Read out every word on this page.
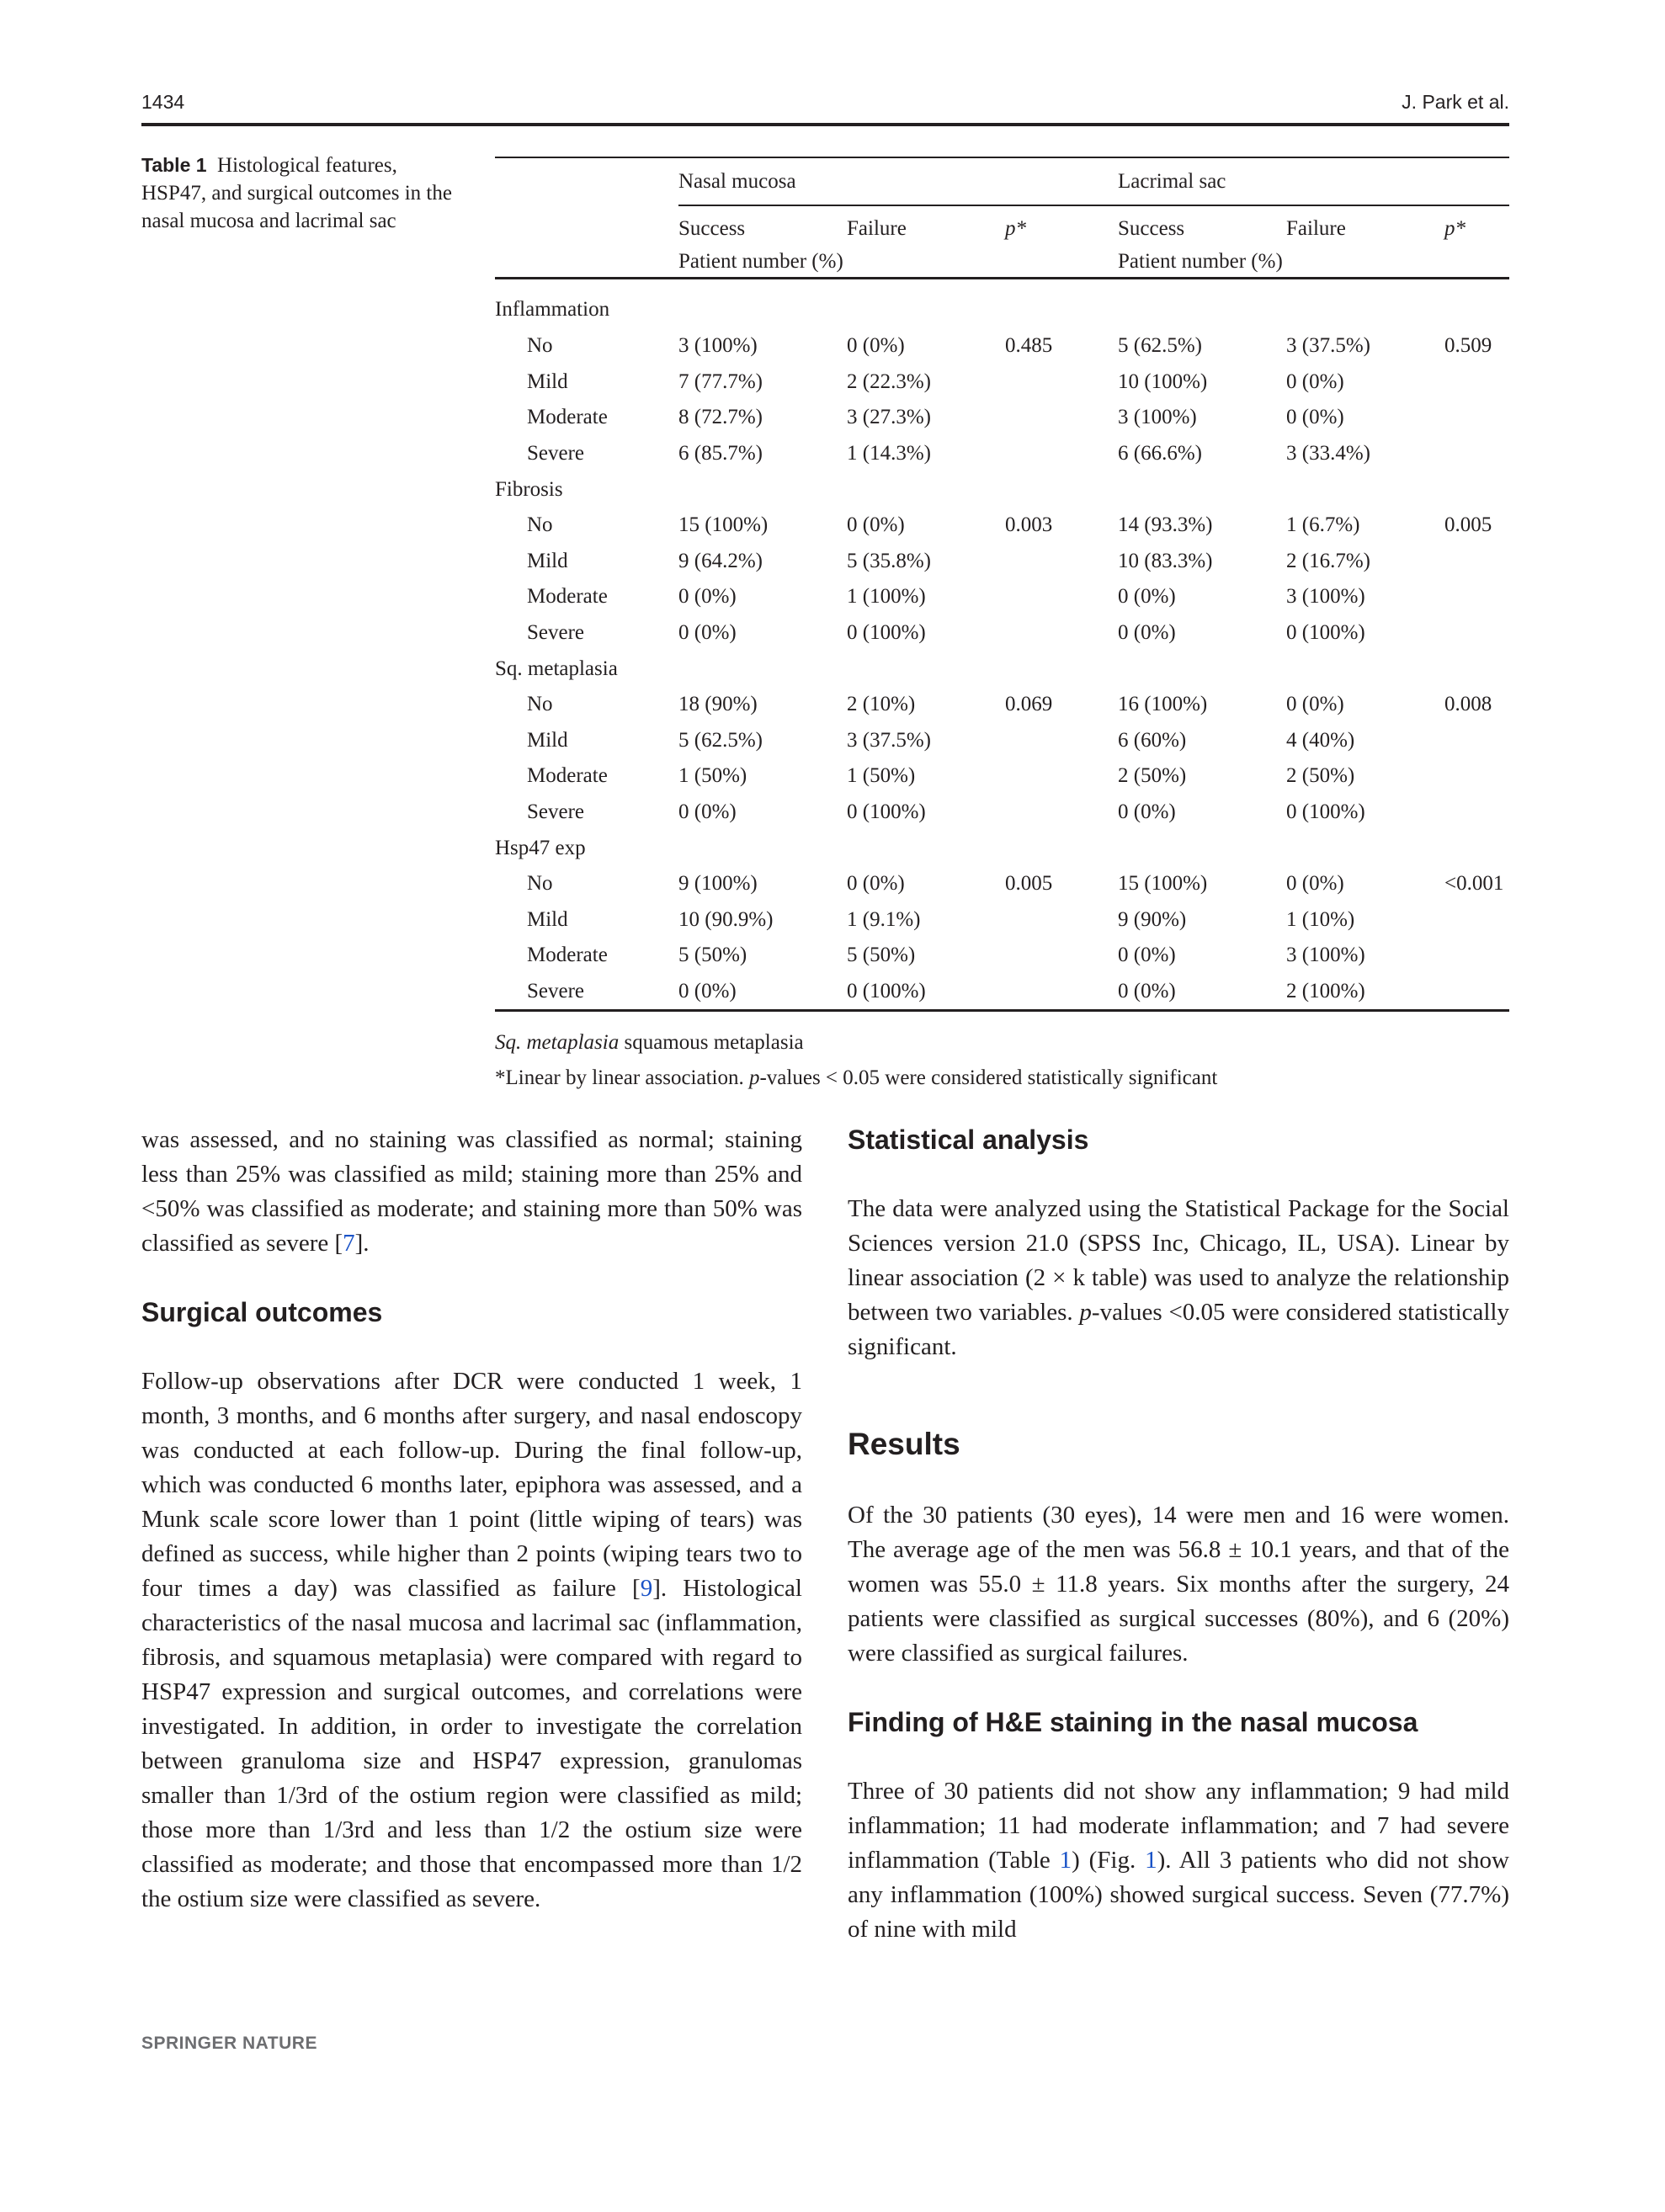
1434	J. Park et al.
Table 1 Histological features, HSP47, and surgical outcomes in the nasal mucosa and lacrimal sac
	Nasal mucosa			Lacrimal sac		
	Success	Failure	p*	Success	Failure	p*
	Patient number (%)			Patient number (%)		
Inflammation						
No	3 (100%)	0 (0%)	0.485	5 (62.5%)	3 (37.5%)	0.509
Mild	7 (77.7%)	2 (22.3%)		10 (100%)	0 (0%)	
Moderate	8 (72.7%)	3 (27.3%)		3 (100%)	0 (0%)	
Severe	6 (85.7%)	1 (14.3%)		6 (66.6%)	3 (33.4%)	
Fibrosis						
No	15 (100%)	0 (0%)	0.003	14 (93.3%)	1 (6.7%)	0.005
Mild	9 (64.2%)	5 (35.8%)		10 (83.3%)	2 (16.7%)	
Moderate	0 (0%)	1 (100%)		0 (0%)	3 (100%)	
Severe	0 (0%)	0 (100%)		0 (0%)	0 (100%)	
Sq. metaplasia						
No	18 (90%)	2 (10%)	0.069	16 (100%)	0 (0%)	0.008
Mild	5 (62.5%)	3 (37.5%)		6 (60%)	4 (40%)	
Moderate	1 (50%)	1 (50%)		2 (50%)	2 (50%)	
Severe	0 (0%)	0 (100%)		0 (0%)	0 (100%)	
Hsp47 exp						
No	9 (100%)	0 (0%)	0.005	15 (100%)	0 (0%)	<0.001
Mild	10 (90.9%)	1 (9.1%)		9 (90%)	1 (10%)	
Moderate	5 (50%)	5 (50%)		0 (0%)	3 (100%)	
Severe	0 (0%)	0 (100%)		0 (0%)	2 (100%)	
Sq. metaplasia squamous metaplasia
*Linear by linear association. p-values < 0.05 were considered statistically significant

was assessed, and no staining was classified as normal; staining less than 25% was classified as mild; staining more than 25% and <50% was classified as moderate; and staining more than 50% was classified as severe [7].

Surgical outcomes

Follow-up observations after DCR were conducted 1 week, 1 month, 3 months, and 6 months after surgery, and nasal endoscopy was conducted at each follow-up. During the final follow-up, which was conducted 6 months later, epiphora was assessed, and a Munk scale score lower than 1 point (little wiping of tears) was defined as success, while higher than 2 points (wiping tears two to four times a day) was classified as failure [9]. Histological characteristics of the nasal mucosa and lacrimal sac (inflammation, fibrosis, and squamous metaplasia) were compared with regard to HSP47 expression and surgical outcomes, and correlations were investigated. In addition, in order to investigate the correlation between granuloma size and HSP47 expression, granulomas smaller than 1/3rd of the ostium region were classified as mild; those more than 1/3rd and less than 1/2 the ostium size were classified as moderate; and those that encompassed more than 1/2 the ostium size were classified as severe.

Statistical analysis

The data were analyzed using the Statistical Package for the Social Sciences version 21.0 (SPSS Inc, Chicago, IL, USA). Linear by linear association (2 × k table) was used to analyze the relationship between two variables. p-values <0.05 were considered statistically significant.

Results

Of the 30 patients (30 eyes), 14 were men and 16 were women. The average age of the men was 56.8 ± 10.1 years, and that of the women was 55.0 ± 11.8 years. Six months after the surgery, 24 patients were classified as surgical successes (80%), and 6 (20%) were classified as surgical failures.

Finding of H&E staining in the nasal mucosa

Three of 30 patients did not show any inflammation; 9 had mild inflammation; 11 had moderate inflammation; and 7 had severe inflammation (Table 1) (Fig. 1). All 3 patients who did not show any inflammation (100%) showed surgical success. Seven (77.7%) of nine with mild

SPRINGER NATURE
